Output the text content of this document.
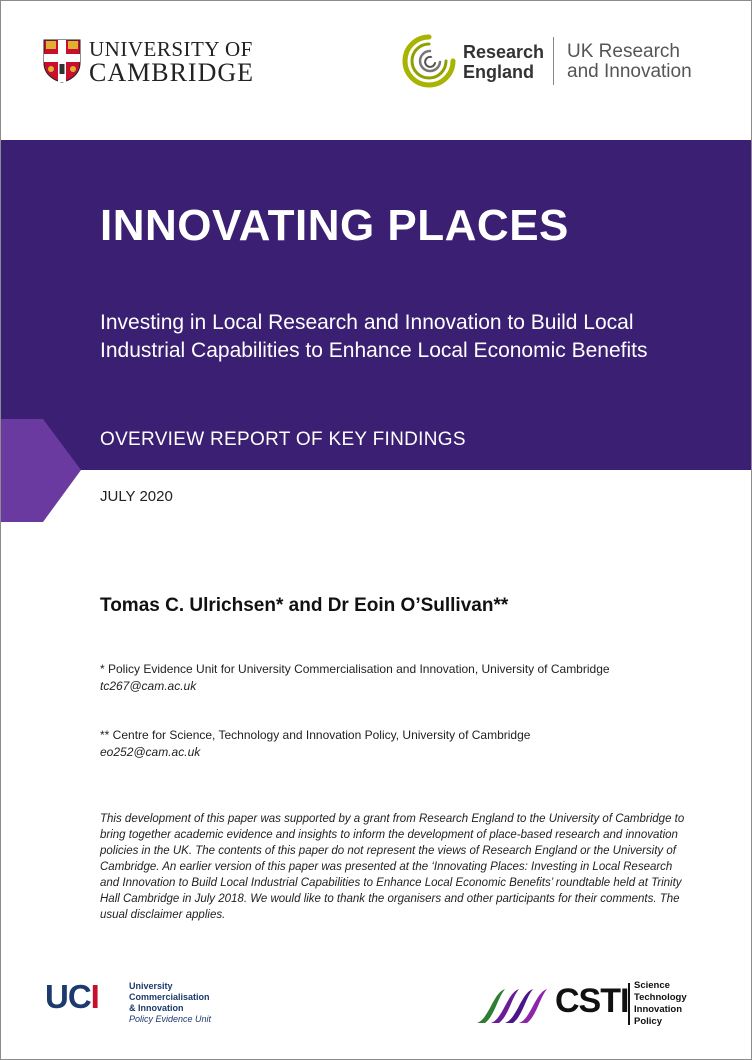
UNIVERSITY OF
CAMBRIDGE
Research
England
UK Research
and Innovation
INNOVATING PLACES
Investing in Local Research and Innovation to Build Local
Industrial Capabilities to Enhance Local Economic Benefits
OVERVIEW REPORT OF KEY FINDINGS
JULY 2020
Tomas C. Ulrichsen* and Dr Eoin O’Sullivan**
* Policy Evidence Unit for University Commercialisation and Innovation, University of Cambridge
tc267@cam.ac.uk
** Centre for Science, Technology and Innovation Policy, University of Cambridge
eo252@cam.ac.uk
This development of this paper was supported by a grant from Research England to the University of Cambridge to bring together academic evidence and insights to inform the development of place-based research and innovation policies in the UK. The contents of this paper do not represent the views of Research England or the University of Cambridge. An earlier version of this paper was presented at the ‘Innovating Places: Investing in Local Research and Innovation to Build Local Industrial Capabilities to Enhance Local Economic Benefits’ roundtable held at Trinity Hall Cambridge in July 2018. We would like to thank the organisers and other participants for their comments. The usual disclaimer applies.
UCI	University
Commercialisation
& Innovation
Policy Evidence Unit	CSTI Science
Technology
Innovation
Policy
